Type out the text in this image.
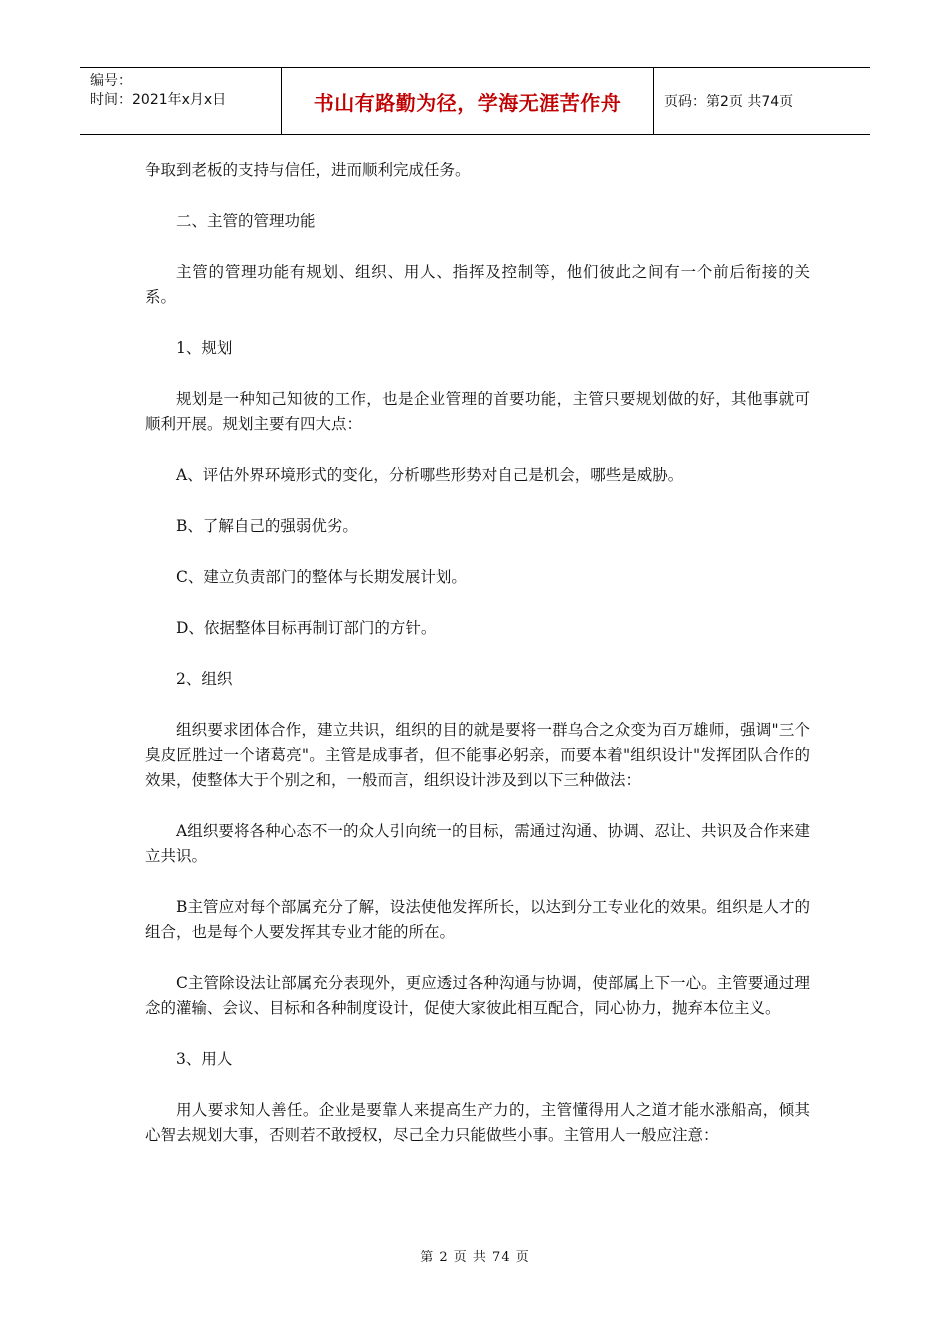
编号：
时间：2021年x月x日	书山有路勤为径，学海无涯苦作舟	页码：第2页 共74页

争取到老板的支持与信任，进而顺利完成任务。

二、主管的管理功能

主管的管理功能有规划、组织、用人、指挥及控制等，他们彼此之间有一个前后衔接的关系。

1、规划

规划是一种知己知彼的工作，也是企业管理的首要功能，主管只要规划做的好，其他事就可顺利开展。规划主要有四大点：

A、评估外界环境形式的变化，分析哪些形势对自己是机会，哪些是威胁。

B、了解自己的强弱优劣。

C、建立负责部门的整体与长期发展计划。

D、依据整体目标再制订部门的方针。

2、组织

组织要求团体合作，建立共识，组织的目的就是要将一群乌合之众变为百万雄师，强调"三个臭皮匠胜过一个诸葛亮"。主管是成事者，但不能事必躬亲，而要本着"组织设计"发挥团队合作的效果，使整体大于个别之和，一般而言，组织设计涉及到以下三种做法：

A组织要将各种心态不一的众人引向统一的目标，需通过沟通、协调、忍让、共识及合作来建立共识。

B主管应对每个部属充分了解，设法使他发挥所长，以达到分工专业化的效果。组织是人才的组合，也是每个人要发挥其专业才能的所在。

C主管除设法让部属充分表现外，更应透过各种沟通与协调，使部属上下一心。主管要通过理念的灌输、会议、目标和各种制度设计，促使大家彼此相互配合，同心协力，抛弃本位主义。

3、用人

用人要求知人善任。企业是要靠人来提高生产力的，主管懂得用人之道才能水涨船高，倾其心智去规划大事，否则若不敢授权，尽己全力只能做些小事。主管用人一般应注意：

第 2 页 共 74 页
